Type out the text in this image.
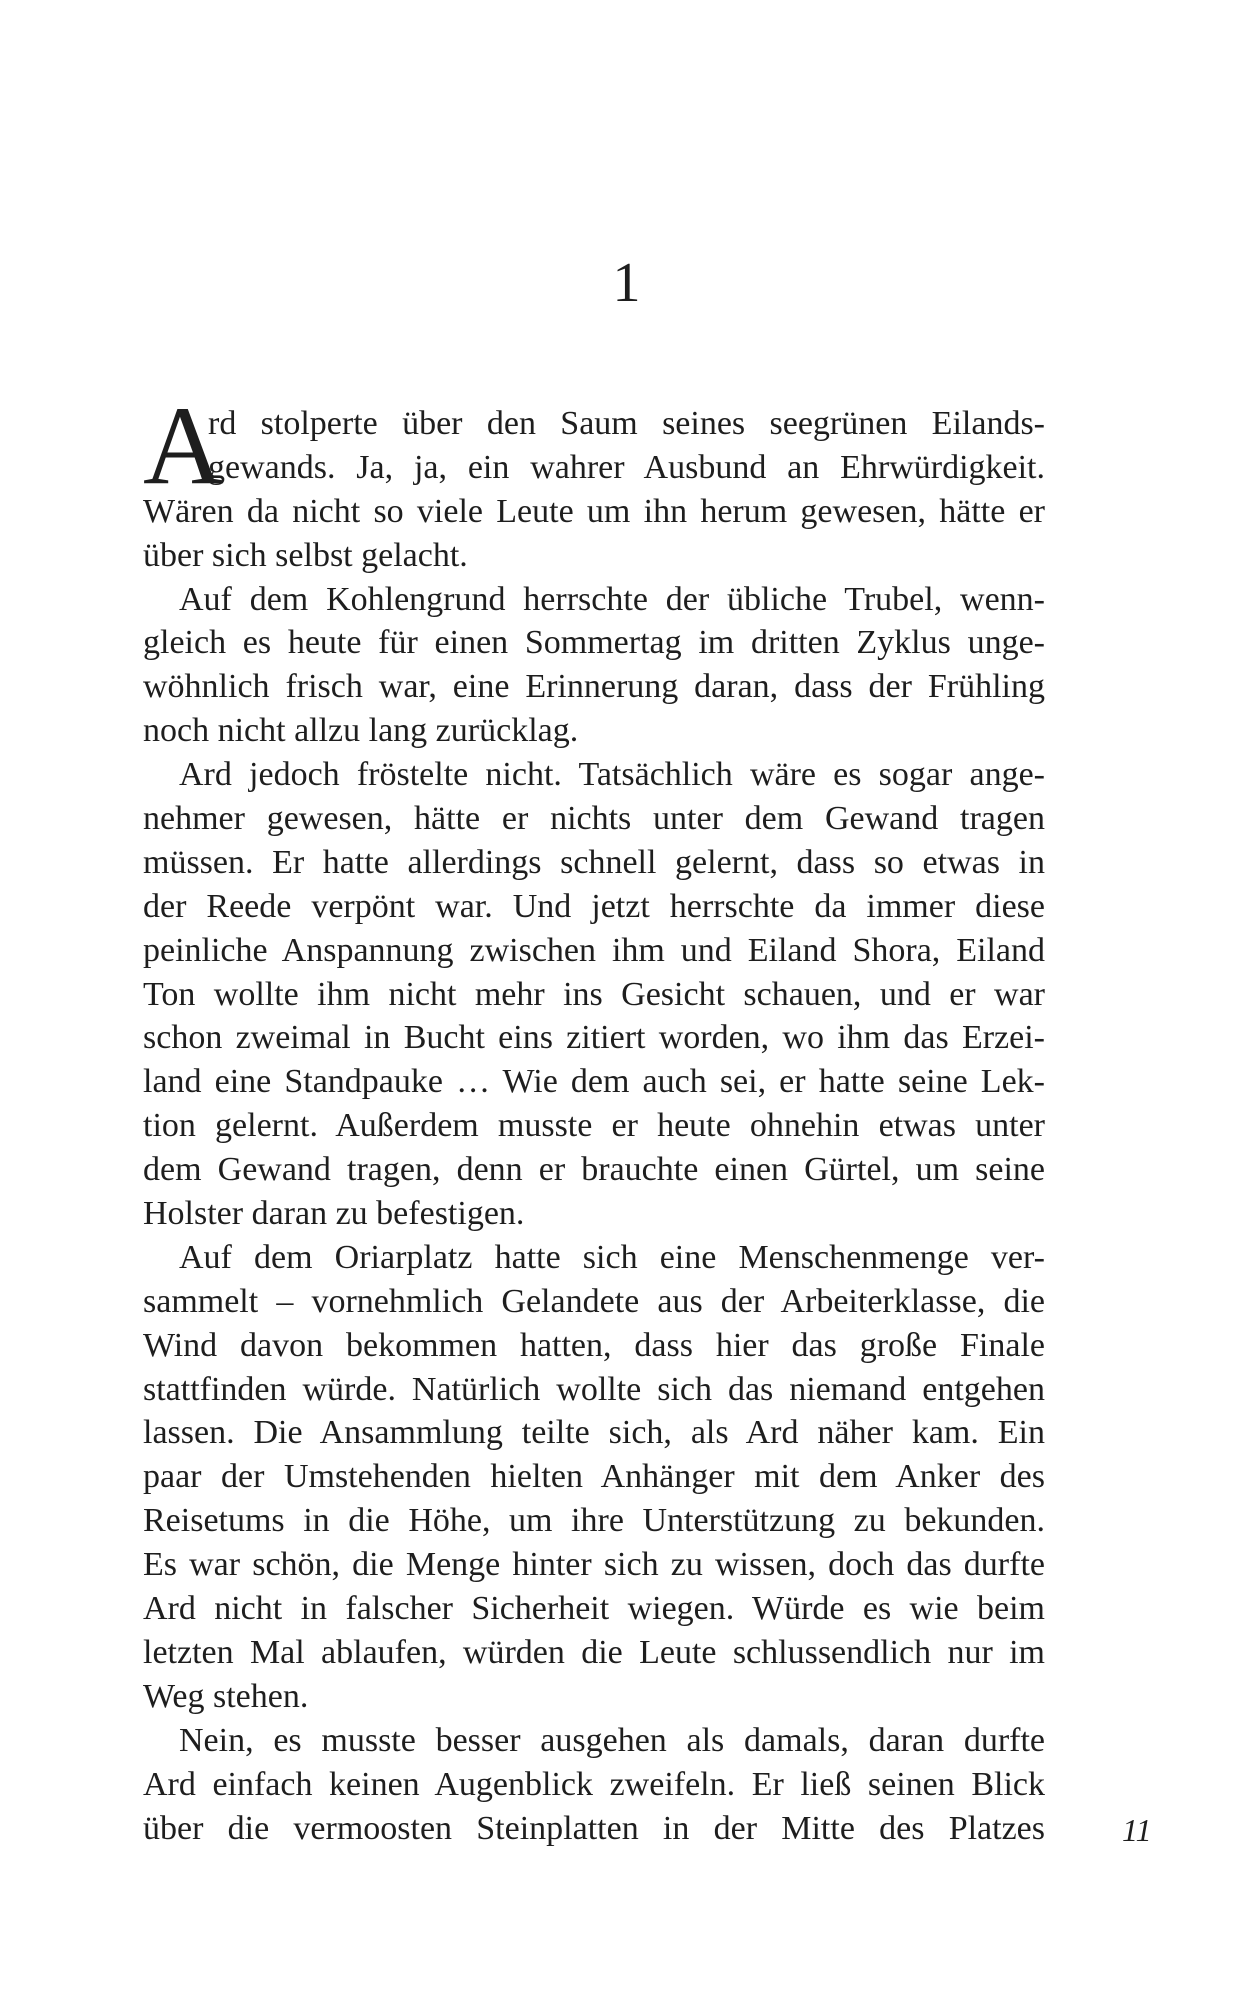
1
A
rd stolperte über den Saum seines seegrünen Eilands-
gewands. Ja, ja, ein wahrer Ausbund an Ehrwürdigkeit.
Wären da nicht so viele Leute um ihn herum gewesen, hätte er
über sich selbst gelacht.
Auf dem Kohlengrund herrschte der übliche Trubel, wenn-
gleich es heute für einen Sommertag im dritten Zyklus unge-
wöhnlich frisch war, eine Erinnerung daran, dass der Frühling
noch nicht allzu lang zurücklag.
Ard jedoch fröstelte nicht. Tatsächlich wäre es sogar ange-
nehmer gewesen, hätte er nichts unter dem Gewand tragen
müssen. Er hatte allerdings schnell gelernt, dass so etwas in
der Reede verpönt war. Und jetzt herrschte da immer diese
peinliche Anspannung zwischen ihm und Eiland Shora, Eiland
Ton wollte ihm nicht mehr ins Gesicht schauen, und er war
schon zweimal in Bucht eins zitiert worden, wo ihm das Erzei-
land eine Standpauke … Wie dem auch sei, er hatte seine Lek-
tion gelernt. Außerdem musste er heute ohnehin etwas unter
dem Gewand tragen, denn er brauchte einen Gürtel, um seine
Holster daran zu befestigen.
Auf dem Oriarplatz hatte sich eine Menschenmenge ver-
sammelt – vornehmlich Gelandete aus der Arbeiterklasse, die
Wind davon bekommen hatten, dass hier das große Finale
stattfinden würde. Natürlich wollte sich das niemand entgehen
lassen. Die Ansammlung teilte sich, als Ard näher kam. Ein
paar der Umstehenden hielten Anhänger mit dem Anker des
Reisetums in die Höhe, um ihre Unterstützung zu bekunden.
Es war schön, die Menge hinter sich zu wissen, doch das durfte
Ard nicht in falscher Sicherheit wiegen. Würde es wie beim
letzten Mal ablaufen, würden die Leute schlussendlich nur im
Weg stehen.
Nein, es musste besser ausgehen als damals, daran durfte
Ard einfach keinen Augenblick zweifeln. Er ließ seinen Blick
über die vermoosten Steinplatten in der Mitte des Platzes 11
